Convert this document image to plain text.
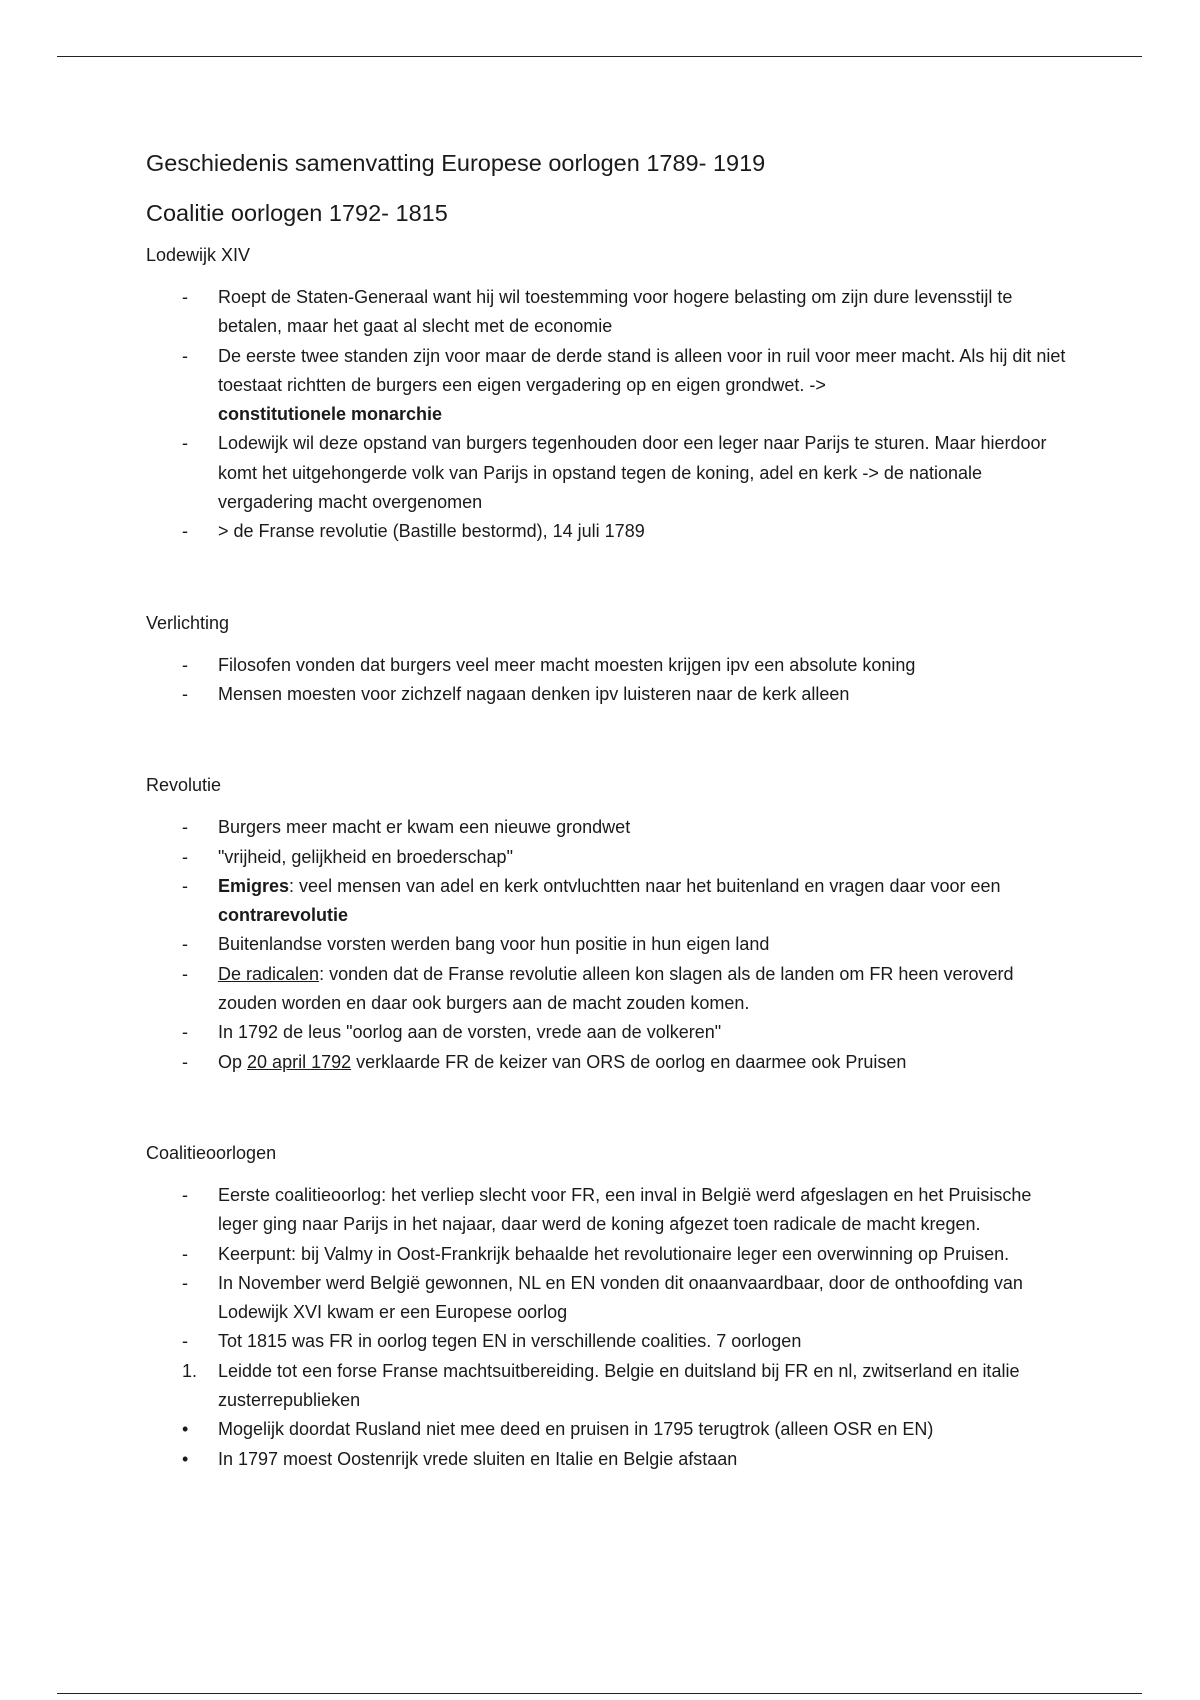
Geschiedenis samenvatting Europese oorlogen 1789- 1919
Coalitie oorlogen 1792- 1815

Lodewijk XIV

-	Roept de Staten-Generaal want hij wil toestemming voor hogere belasting om zijn dure levensstijl te betalen, maar het gaat al slecht met de economie
-	De eerste twee standen zijn voor maar de derde stand is alleen voor in ruil voor meer macht. Als hij dit niet toestaat richtten de burgers een eigen vergadering op en eigen grondwet. ->
constitutionele monarchie
-	Lodewijk wil deze opstand van burgers tegenhouden door een leger naar Parijs te sturen. Maar hierdoor komt het uitgehongerde volk van Parijs in opstand tegen de koning, adel en kerk -> de nationale vergadering macht overgenomen
-	> de Franse revolutie (Bastille bestormd), 14 juli 1789

Verlichting

-	Filosofen vonden dat burgers veel meer macht moesten krijgen ipv een absolute koning
-	Mensen moesten voor zichzelf nagaan denken ipv luisteren naar de kerk alleen

Revolutie

-	Burgers meer macht er kwam een nieuwe grondwet
-	"vrijheid, gelijkheid en broederschap"
-	Emigres: veel mensen van adel en kerk ontvluchtten naar het buitenland en vragen daar voor een contrarevolutie
-	Buitenlandse vorsten werden bang voor hun positie in hun eigen land
-	De radicalen: vonden dat de Franse revolutie alleen kon slagen als de landen om FR heen veroverd zouden worden en daar ook burgers aan de macht zouden komen.
-	In 1792 de leus "oorlog aan de vorsten, vrede aan de volkeren"
-	Op 20 april 1792 verklaarde FR de keizer van ORS de oorlog en daarmee ook Pruisen

Coalitieoorlogen

-	Eerste coalitieoorlog: het verliep slecht voor FR, een inval in België werd afgeslagen en het Pruisische leger ging naar Parijs in het najaar, daar werd de koning afgezet toen radicale de macht kregen.
-	Keerpunt: bij Valmy in Oost-Frankrijk behaalde het revolutionaire leger een overwinning op Pruisen.
-	In November werd België gewonnen, NL en EN vonden dit onaanvaardbaar, door de onthoofding van Lodewijk XVI kwam er een Europese oorlog
-	Tot 1815 was FR in oorlog tegen EN in verschillende coalities. 7 oorlogen
1. Leidde tot een forse Franse machtsuitbereiding. Belgie en duitsland bij FR en nl, zwitserland en italie zusterrepublieken
•	Mogelijk doordat Rusland niet mee deed en pruisen in 1795 terugtrok (alleen OSR en EN)
•	In 1797 moest Oostenrijk vrede sluiten en Italie en Belgie afstaan
